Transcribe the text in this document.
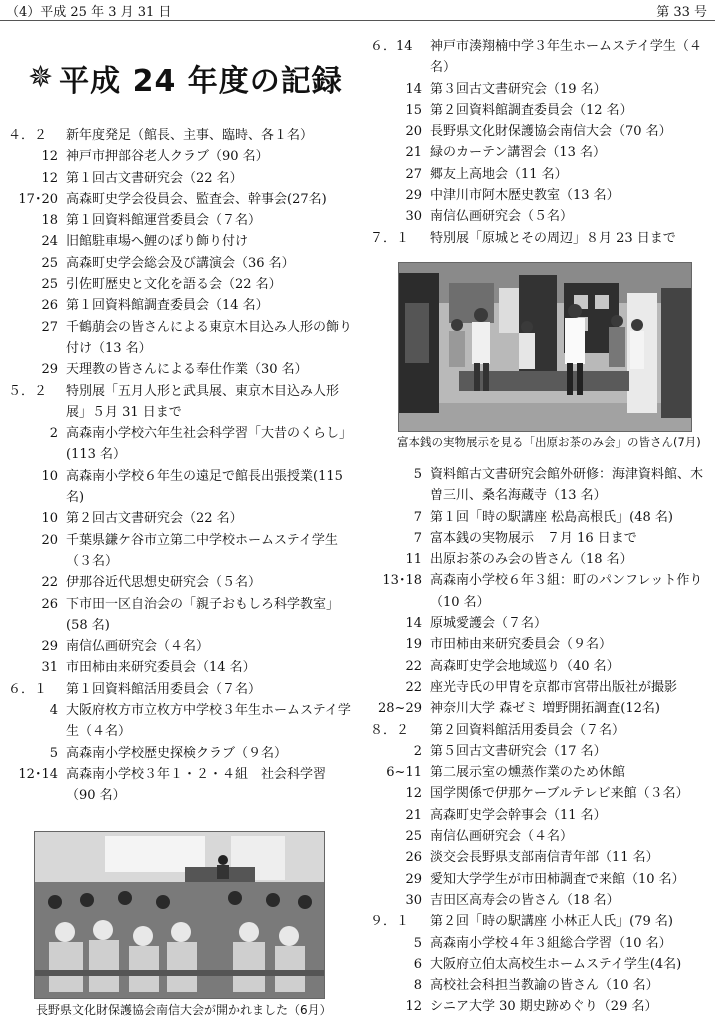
（4）平成 25 年 3 月 31 日	第 33 号
✵ 平成 24 年度の記録
４．２	新年度発足（館長、主事、臨時、各１名）
12 神戸市押部谷老人クラブ（90 名）
12 第１回古文書研究会（22 名）
17･20 高森町史学会役員会、監査会、幹事会(27名)
18 第１回資料館運営委員会（７名）
24 旧館駐車場へ鯉のぼり飾り付け
25 高森町史学会総会及び講演会（36 名）
25 引佐町歴史と文化を語る会（22 名）
26 第１回資料館調査委員会（14 名）
27 千鶴萠会の皆さんによる東京木目込み人形の飾り付け（13 名）
29 天理教の皆さんによる奉仕作業（30 名）
５．２	特別展「五月人形と武具展、東京木目込み人形展」５月 31 日まで
2 高森南小学校六年生社会科学習「大昔のくらし」(113 名）
10 高森南小学校６年生の遠足で館長出張授業(115 名)
10 第２回古文書研究会（22 名）
20 千葉県鎌ケ谷市立第二中学校ホームステイ学生（３名）
22 伊那谷近代思想史研究会（５名）
26 下市田一区自治会の「親子おもしろ科学教室」(58 名)
29 南信仏画研究会（４名）
31 市田柿由来研究委員会（14 名）
６．１	第１回資料館活用委員会（７名）
4 大阪府枚方市立枚方中学校３年生ホームステイ学生（４名）
5 高森南小学校歴史探検クラブ（９名）
12･14 高森南小学校３年１・２・４組　社会科学習（90 名）
６．14	神戸市湊翔楠中学３年生ホームステイ学生（４名）
14 第３回古文書研究会（19 名）
15 第２回資料館調査委員会（12 名）
20 長野県文化財保護協会南信大会（70 名）
21 緑のカーテン講習会（13 名）
27 郷友上高地会（11 名）
29 中津川市阿木歴史教室（13 名）
30 南信仏画研究会（５名）
７．１	特別展「原城とその周辺」８月 23 日まで
5 資料館古文書研究会館外研修：海津資料館、木曽三川、桑名海蔵寺（13 名）
7 第１回「時の駅講座 松島高根氏」(48 名)
7 富本銭の実物展示　７月 16 日まで
11 出原お茶のみ会の皆さん（18 名）
13･18 高森南小学校６年３組：町のパンフレット作り（10 名）
14 原城愛護会（７名）
19 市田柿由来研究委員会（９名）
22 高森町史学会地域巡り（40 名）
22 座光寺氏の甲冑を京都市宮帯出版社が撮影
28~29 神奈川大学 森ゼミ 増野開拓調査(12名)
８．２	第２回資料館活用委員会（７名）
2 第５回古文書研究会（17 名）
6~11 第二展示室の燻蒸作業のため休館
12 国学関係で伊那ケーブルテレビ来館（３名）
21 高森町史学会幹事会（11 名）
25 南信仏画研究会（４名）
26 淡交会長野県支部南信青年部（11 名）
29 愛知大学学生が市田柿調査で来館（10 名）
30 吉田区高寿会の皆さん（18 名）
９．１	第２回「時の駅講座 小林正人氏」(79 名)
5 高森南小学校４年３組総合学習（10 名）
6 大阪府立伯太高校生ホームステイ学生(4名)
8 高校社会科担当教諭の皆さん（10 名）
12 シニア大学 30 期史跡めぐり（29 名）
富本銭の実物展示を見る「出原お茶のみ会」の皆さん(7月)
長野県文化財保護協会南信大会が開かれました（6月）
